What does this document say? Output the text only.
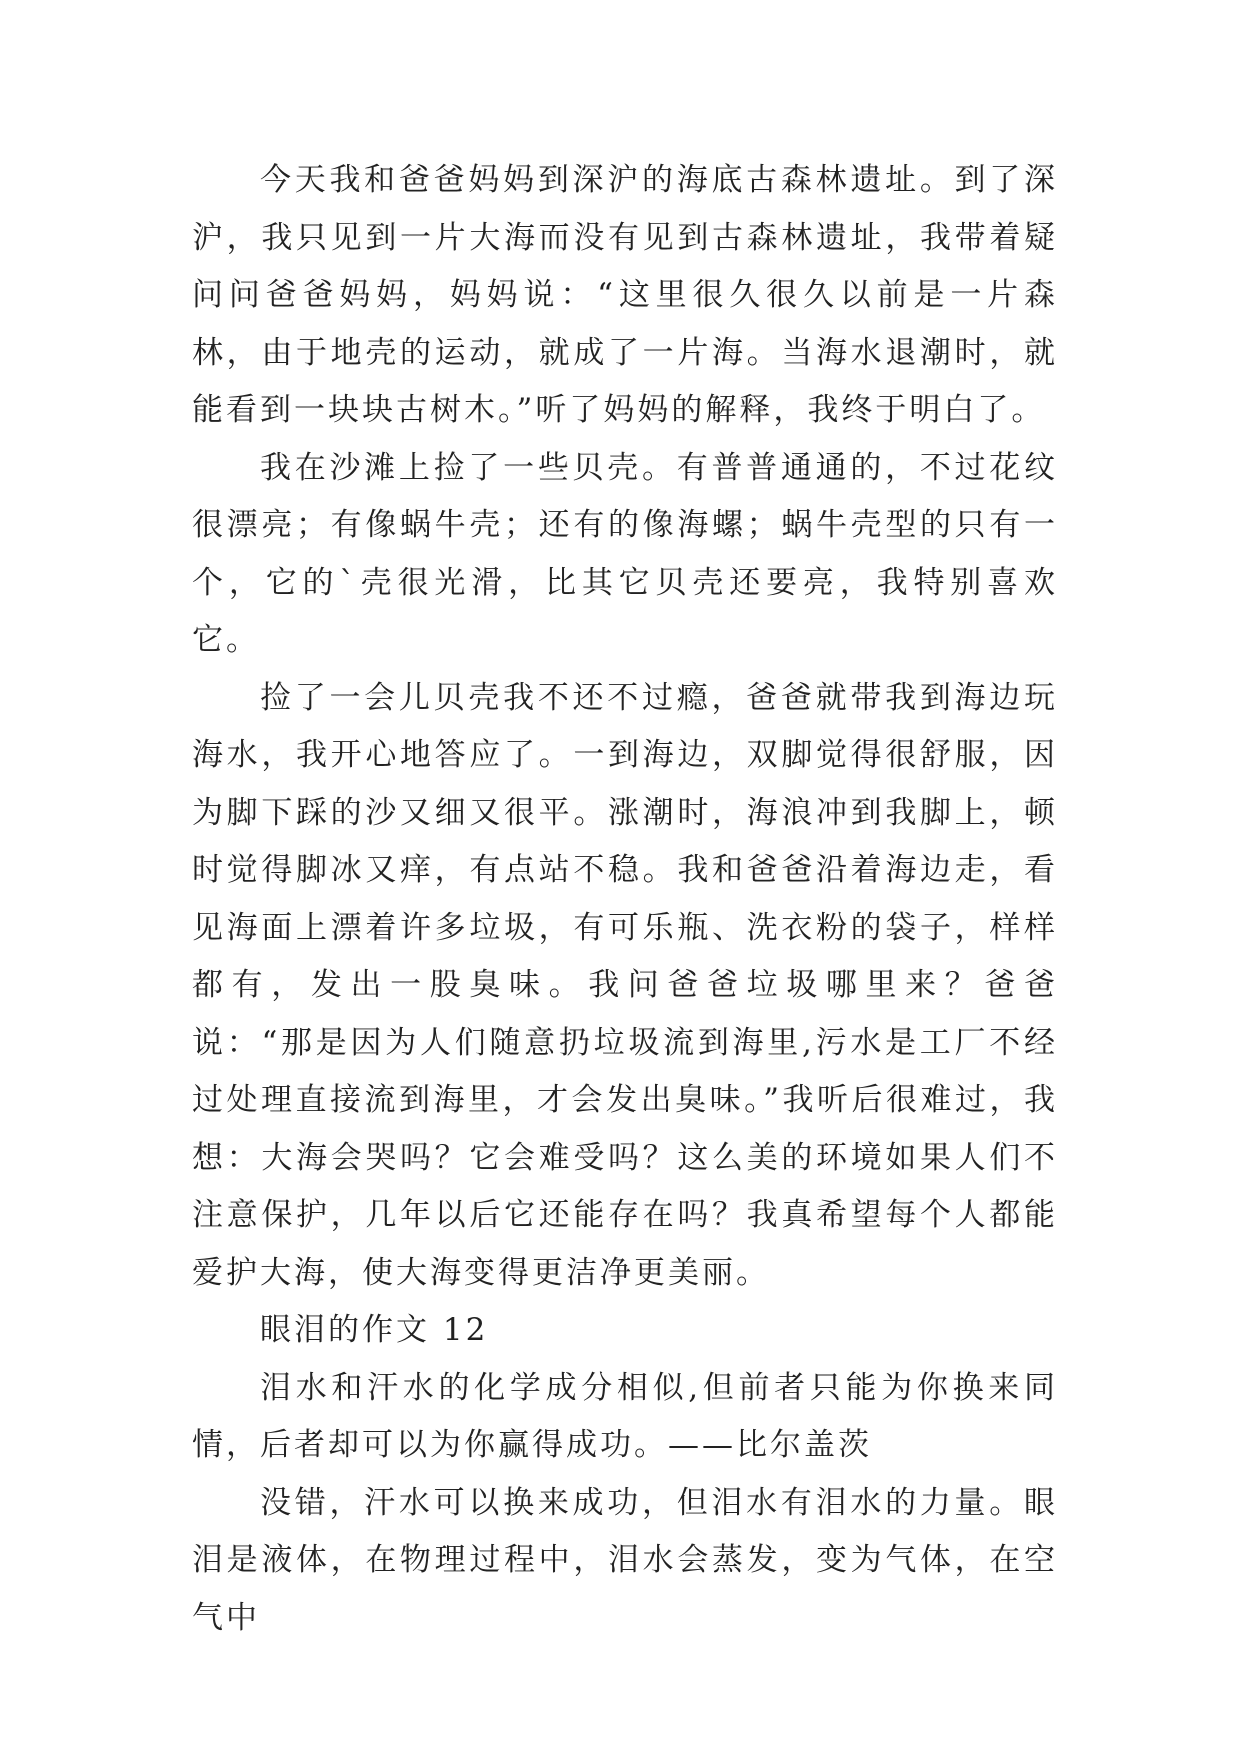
今天我和爸爸妈妈到深沪的海底古森林遗址。到了深沪，我只见到一片大海而没有见到古森林遗址，我带着疑问问爸爸妈妈，妈妈说：“这里很久很久以前是一片森林，由于地壳的运动，就成了一片海。当海水退潮时，就能看到一块块古树木。”听了妈妈的解释，我终于明白了。

我在沙滩上捡了一些贝壳。有普普通通的，不过花纹很漂亮；有像蜗牛壳；还有的像海螺；蜗牛壳型的只有一个，它的`壳很光滑，比其它贝壳还要亮，我特别喜欢它。

捡了一会儿贝壳我不还不过瘾，爸爸就带我到海边玩海水，我开心地答应了。一到海边，双脚觉得很舒服，因为脚下踩的沙又细又很平。涨潮时，海浪冲到我脚上，顿时觉得脚冰又痒，有点站不稳。我和爸爸沿着海边走，看见海面上漂着许多垃圾，有可乐瓶、洗衣粉的袋子，样样都有，发出一股臭味。我问爸爸垃圾哪里来？爸爸说：“那是因为人们随意扔垃圾流到海里,污水是工厂不经过处理直接流到海里，才会发出臭味。”我听后很难过，我想：大海会哭吗？它会难受吗？这么美的环境如果人们不注意保护，几年以后它还能存在吗？我真希望每个人都能爱护大海，使大海变得更洁净更美丽。

眼泪的作文 12

泪水和汗水的化学成分相似,但前者只能为你换来同情，后者却可以为你赢得成功。——比尔盖茨

没错，汗水可以换来成功，但泪水有泪水的力量。眼泪是液体，在物理过程中，泪水会蒸发，变为气体，在空气中
